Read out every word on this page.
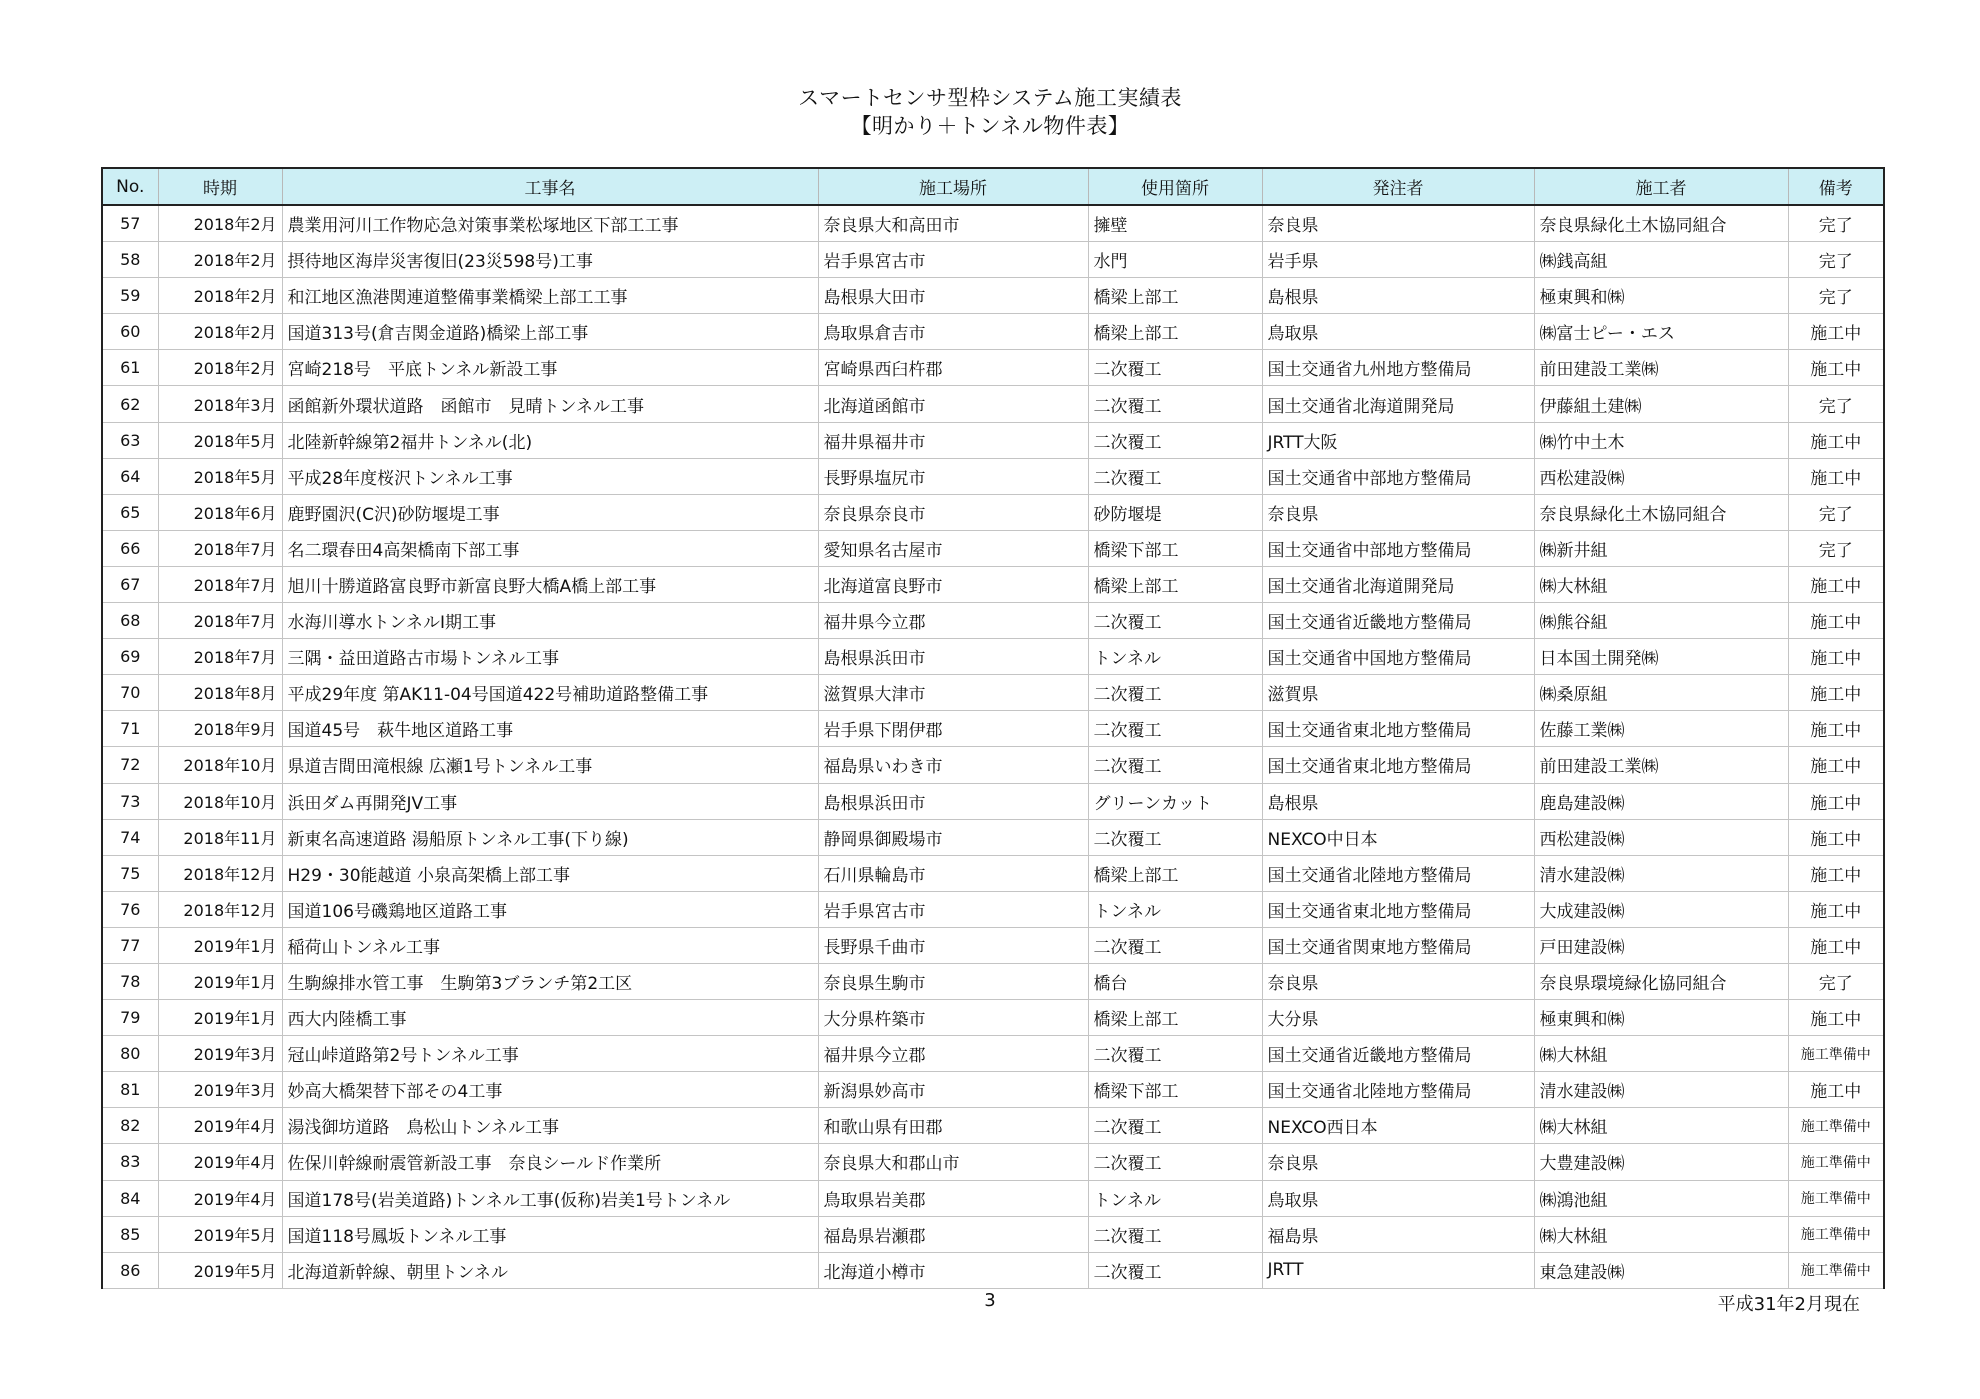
スマートセンサ型枠システム施工実績表
【明かり＋トンネル物件表】
No.	時期	工事名	施工場所	使用箇所	発注者	施工者	備考
57	2018年2月	農業用河川工作物応急対策事業松塚地区下部工工事	奈良県大和高田市	擁壁	奈良県	奈良県緑化土木協同組合	完了
58	2018年2月	摂待地区海岸災害復旧(23災598号)工事	岩手県宮古市	水門	岩手県	㈱銭高組	完了
59	2018年2月	和江地区漁港関連道整備事業橋梁上部工工事	島根県大田市	橋梁上部工	島根県	極東興和㈱	完了
60	2018年2月	国道313号(倉吉関金道路)橋梁上部工事	鳥取県倉吉市	橋梁上部工	鳥取県	㈱富士ピー・エス	施工中
61	2018年2月	宮崎218号　平底トンネル新設工事	宮崎県西臼杵郡	二次覆工	国土交通省九州地方整備局	前田建設工業㈱	施工中
62	2018年3月	函館新外環状道路　函館市　見晴トンネル工事	北海道函館市	二次覆工	国土交通省北海道開発局	伊藤組土建㈱	完了
63	2018年5月	北陸新幹線第2福井トンネル(北)	福井県福井市	二次覆工	JRTT大阪	㈱竹中土木	施工中
64	2018年5月	平成28年度桜沢トンネル工事	長野県塩尻市	二次覆工	国土交通省中部地方整備局	西松建設㈱	施工中
65	2018年6月	鹿野園沢(C沢)砂防堰堤工事	奈良県奈良市	砂防堰堤	奈良県	奈良県緑化土木協同組合	完了
66	2018年7月	名二環春田4高架橋南下部工事	愛知県名古屋市	橋梁下部工	国土交通省中部地方整備局	㈱新井組	完了
67	2018年7月	旭川十勝道路富良野市新富良野大橋A橋上部工事	北海道富良野市	橋梁上部工	国土交通省北海道開発局	㈱大林組	施工中
68	2018年7月	水海川導水トンネルⅠ期工事	福井県今立郡	二次覆工	国土交通省近畿地方整備局	㈱熊谷組	施工中
69	2018年7月	三隅・益田道路古市場トンネル工事	島根県浜田市	トンネル	国土交通省中国地方整備局	日本国土開発㈱	施工中
70	2018年8月	平成29年度 第AK11-04号国道422号補助道路整備工事	滋賀県大津市	二次覆工	滋賀県	㈱桑原組	施工中
71	2018年9月	国道45号　萩牛地区道路工事	岩手県下閉伊郡	二次覆工	国土交通省東北地方整備局	佐藤工業㈱	施工中
72	2018年10月	県道吉間田滝根線 広瀬1号トンネル工事	福島県いわき市	二次覆工	国土交通省東北地方整備局	前田建設工業㈱	施工中
73	2018年10月	浜田ダム再開発JV工事	島根県浜田市	グリーンカット	島根県	鹿島建設㈱	施工中
74	2018年11月	新東名高速道路 湯船原トンネル工事(下り線)	静岡県御殿場市	二次覆工	NEXCO中日本	西松建設㈱	施工中
75	2018年12月	H29・30能越道 小泉高架橋上部工事	石川県輪島市	橋梁上部工	国土交通省北陸地方整備局	清水建設㈱	施工中
76	2018年12月	国道106号磯鶏地区道路工事	岩手県宮古市	トンネル	国土交通省東北地方整備局	大成建設㈱	施工中
77	2019年1月	稲荷山トンネル工事	長野県千曲市	二次覆工	国土交通省関東地方整備局	戸田建設㈱	施工中
78	2019年1月	生駒線排水管工事　生駒第3ブランチ第2工区	奈良県生駒市	橋台	奈良県	奈良県環境緑化協同組合	完了
79	2019年1月	西大内陸橋工事	大分県杵築市	橋梁上部工	大分県	極東興和㈱	施工中
80	2019年3月	冠山峠道路第2号トンネル工事	福井県今立郡	二次覆工	国土交通省近畿地方整備局	㈱大林組	施工準備中
81	2019年3月	妙高大橋架替下部その4工事	新潟県妙高市	橋梁下部工	国土交通省北陸地方整備局	清水建設㈱	施工中
82	2019年4月	湯浅御坊道路　鳥松山トンネル工事	和歌山県有田郡	二次覆工	NEXCO西日本	㈱大林組	施工準備中
83	2019年4月	佐保川幹線耐震管新設工事　奈良シールド作業所	奈良県大和郡山市	二次覆工	奈良県	大豊建設㈱	施工準備中
84	2019年4月	国道178号(岩美道路)トンネル工事(仮称)岩美1号トンネル	鳥取県岩美郡	トンネル	鳥取県	㈱鴻池組	施工準備中
85	2019年5月	国道118号鳳坂トンネル工事	福島県岩瀬郡	二次覆工	福島県	㈱大林組	施工準備中
86	2019年5月	北海道新幹線、朝里トンネル	北海道小樽市	二次覆工	JRTT	東急建設㈱	施工準備中
3	平成31年2月現在
